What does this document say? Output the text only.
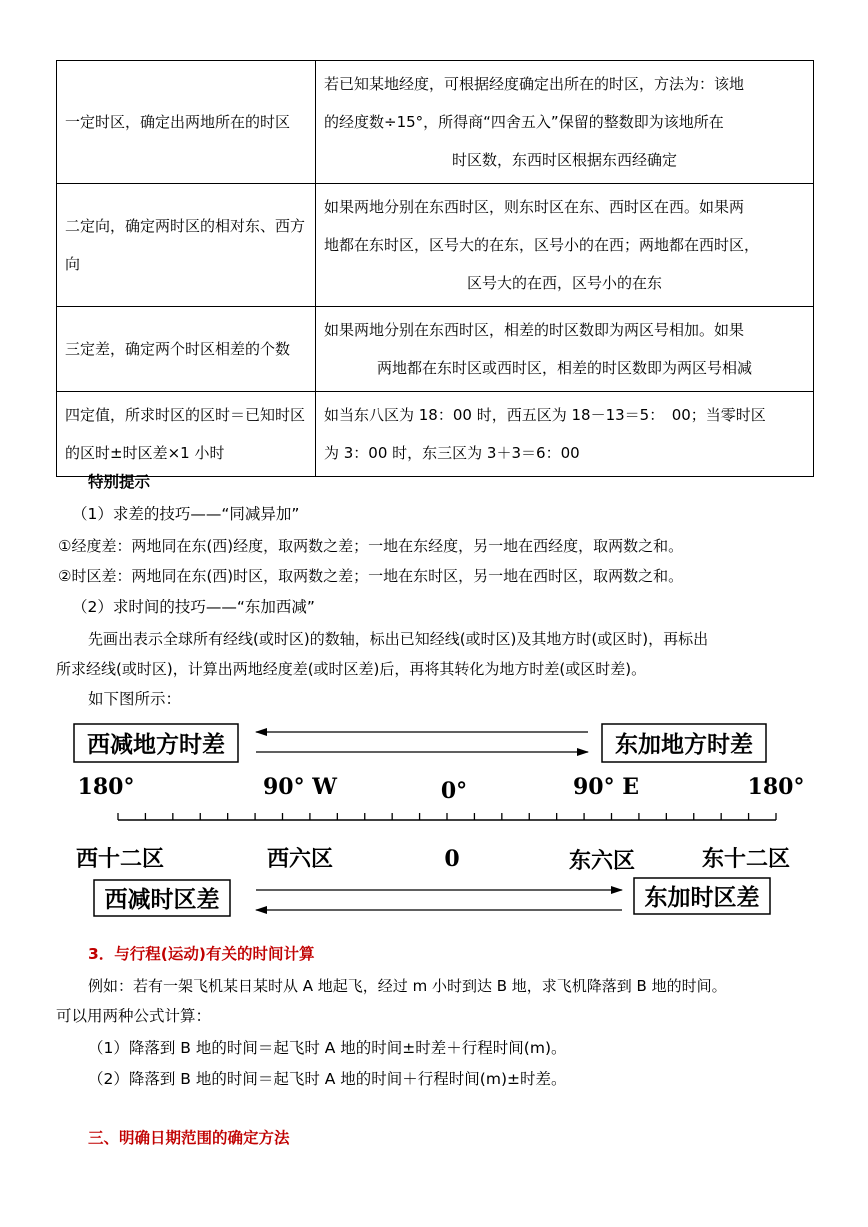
一定时区，确定出两地所在的时区	若已知某地经度，可根据经度确定出所在的时区，方法为：该地
的经度数÷15°，所得商“四舍五入”保留的整数即为该地所在
时区数，东西时区根据东西经确定

二定向，确定两时区的相对东、西方向	如果两地分别在东西时区，则东时区在东、西时区在西。如果两
地都在东时区，区号大的在东，区号小的在西；两地都在西时区，
区号大的在西，区号小的在东

三定差，确定两个时区相差的个数	如果两地分别在东西时区，相差的时区数即为两区号相加。如果
两地都在东时区或西时区，相差的时区数即为两区号相减

四定值，所求时区的区时＝已知时区的区时±时区差×1 小时	如当东八区为 18：00 时，西五区为 18－13＝5：　00；当零时区
为 3：00 时，东三区为 3＋3＝6：00
特别提示
（1）求差的技巧——“同减异加”
①经度差：两地同在东(西)经度，取两数之差；一地在东经度，另一地在西经度，取两数之和。
②时区差：两地同在东(西)时区，取两数之差；一地在东时区，另一地在西时区，取两数之和。
（2）求时间的技巧——“东加西减”
先画出表示全球所有经线(或时区)的数轴，标出已知经线(或时区)及其地方时(或区时)，再标出
所求经线(或时区)，计算出两地经度差(或时区差)后，再将其转化为地方时差(或区时差)。
如下图所示：
西减地方时差	东加地方时差
180°	90° W	0°	90° E	180°
西十二区	西六区	0	东六区	东十二区
西减时区差	东加时区差
3．与行程(运动)有关的时间计算
例如：若有一架飞机某日某时从 A 地起飞，经过 m 小时到达 B 地，求飞机降落到 B 地的时间。
可以用两种公式计算：
（1）降落到 B 地的时间＝起飞时 A 地的时间±时差＋行程时间(m)。
（2）降落到 B 地的时间＝起飞时 A 地的时间＋行程时间(m)±时差。
三、明确日期范围的确定方法
